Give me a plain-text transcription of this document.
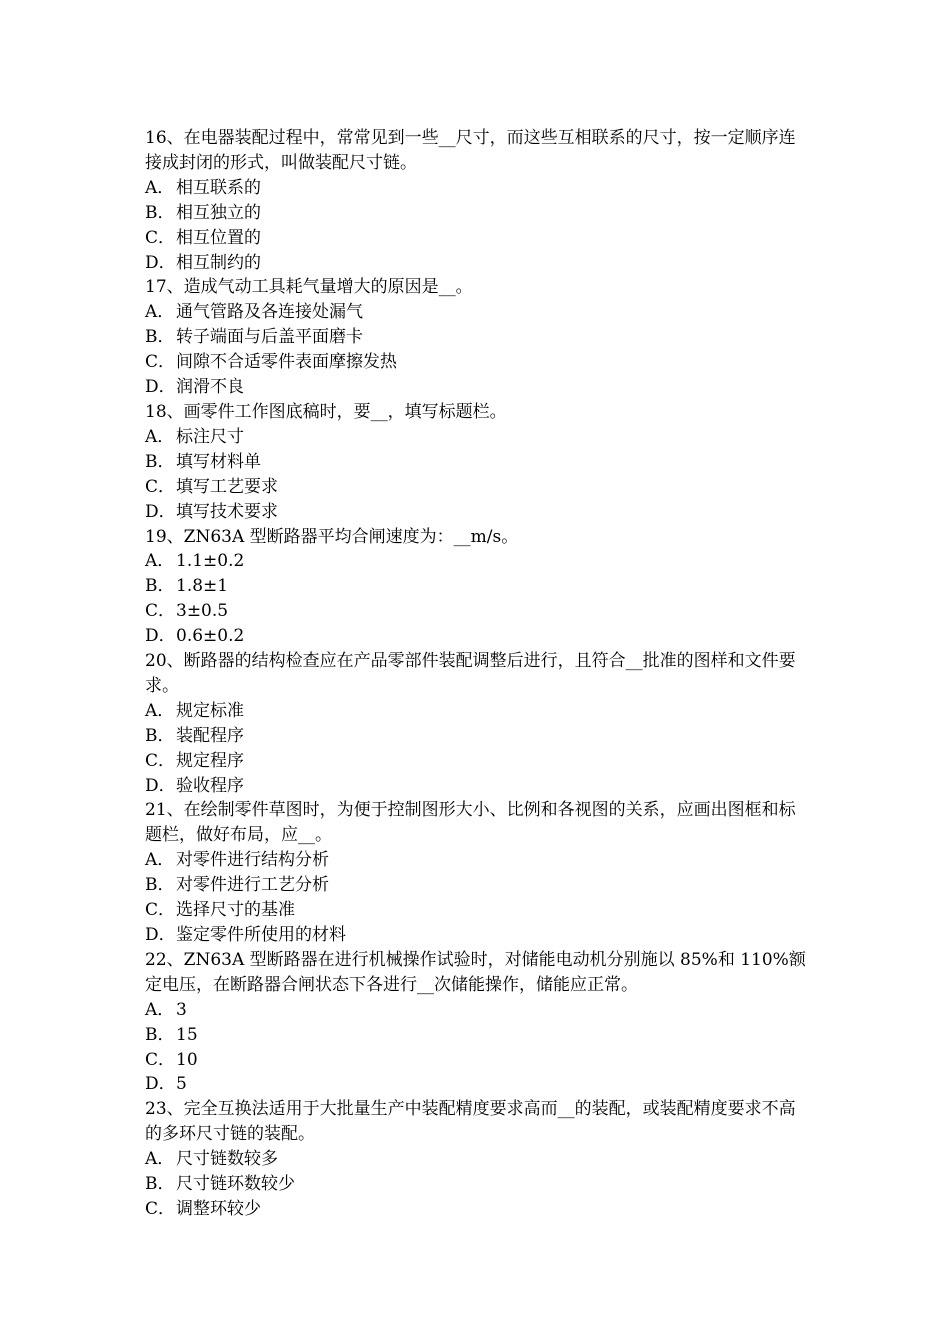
16、在电器装配过程中，常常见到一些__尺寸，而这些互相联系的尺寸，按一定顺序连接成封闭的形式，叫做装配尺寸链。

A． 相互联系的

B．相互独立的

C．相互位置的

D．相互制约的

17、造成气动工具耗气量增大的原因是__。

A． 通气管路及各连接处漏气

B．转子端面与后盖平面磨卡

C．间隙不合适零件表面摩擦发热

D．润滑不良

18、画零件工作图底稿时，要__，填写标题栏。

A． 标注尺寸

B．填写材料单

C．填写工艺要求

D．填写技术要求

19、ZN63A 型断路器平均合闸速度为：__m/s。

A． 1.1±0.2

B．1.8±1

C．3±0.5

D．0.6±0.2

20、断路器的结构检查应在产品零部件装配调整后进行，且符合__批准的图样和文件要求。

A． 规定标准

B．装配程序

C．规定程序

D．验收程序

21、在绘制零件草图时，为便于控制图形大小、比例和各视图的关系，应画出图框和标题栏，做好布局，应__。

A． 对零件进行结构分析

B．对零件进行工艺分析

C．选择尺寸的基准

D．鉴定零件所使用的材料

22、ZN63A 型断路器在进行机械操作试验时，对储能电动机分别施以 85%和 110%额定电压，在断路器合闸状态下各进行__次储能操作，储能应正常。

A． 3

B．15

C．10

D．5

23、完全互换法适用于大批量生产中装配精度要求高而__的装配，或装配精度要求不高的多环尺寸链的装配。

A． 尺寸链数较多

B．尺寸链环数较少

C．调整环较少
